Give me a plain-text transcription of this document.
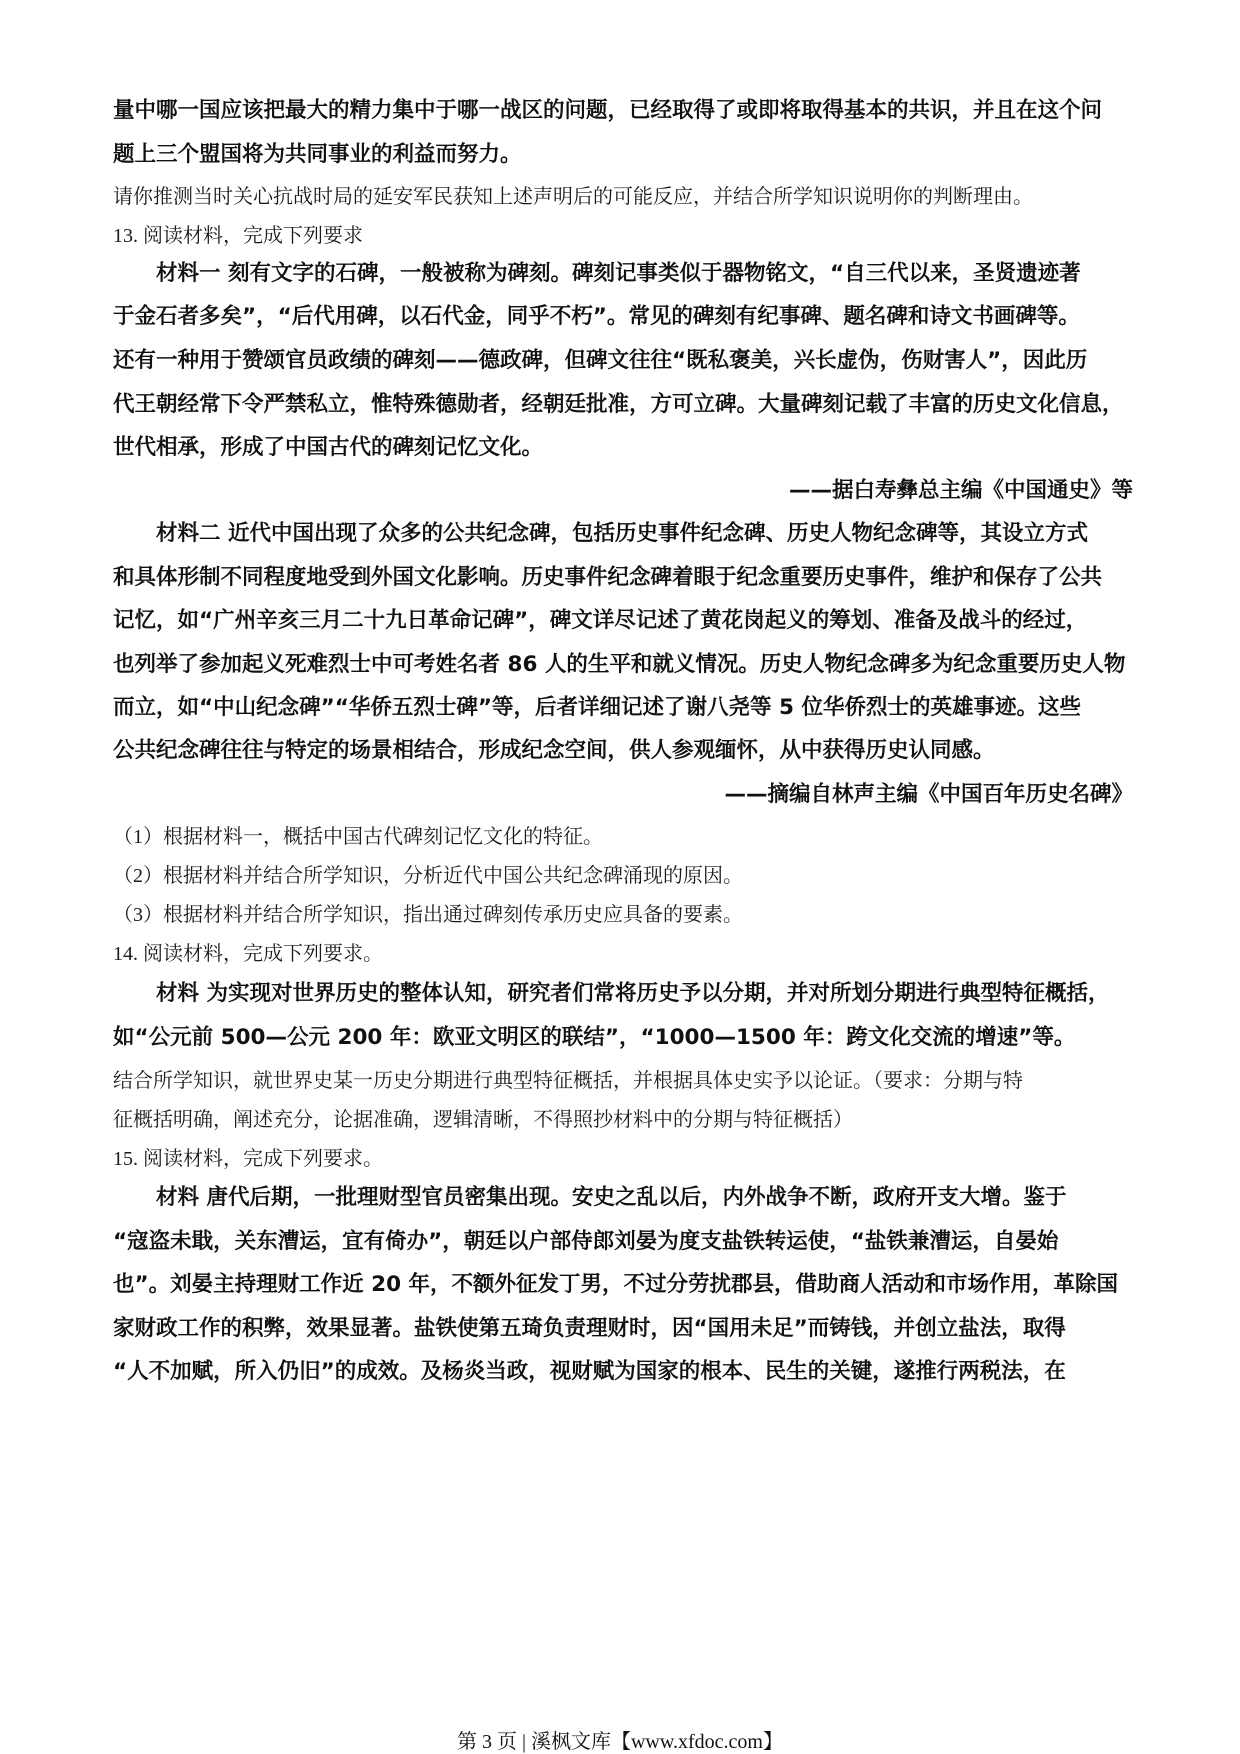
量中哪一国应该把最大的精力集中于哪一战区的问题，已经取得了或即将取得基本的共识，并且在这个问
题上三个盟国将为共同事业的利益而努力。
请你推测当时关心抗战时局的延安军民获知上述声明后的可能反应，并结合所学知识说明你的判断理由。
13. 阅读材料，完成下列要求
　　材料一 刻有文字的石碑，一般被称为碑刻。碑刻记事类似于器物铭文，“自三代以来，圣贤遗迹著
于金石者多矣”，“后代用碑，以石代金，同乎不朽”。常见的碑刻有纪事碑、题名碑和诗文书画碑等。
还有一种用于赞颂官员政绩的碑刻——德政碑，但碑文往往“既私褒美，兴长虚伪，伤财害人”，因此历
代王朝经常下令严禁私立，惟特殊德勋者，经朝廷批准，方可立碑。大量碑刻记载了丰富的历史文化信息，
世代相承，形成了中国古代的碑刻记忆文化。
——据白寿彝总主编《中国通史》等
　　材料二 近代中国出现了众多的公共纪念碑，包括历史事件纪念碑、历史人物纪念碑等，其设立方式
和具体形制不同程度地受到外国文化影响。历史事件纪念碑着眼于纪念重要历史事件，维护和保存了公共
记忆，如“广州辛亥三月二十九日革命记碑”，碑文详尽记述了黄花岗起义的筹划、准备及战斗的经过，
也列举了参加起义死难烈士中可考姓名者 86 人的生平和就义情况。历史人物纪念碑多为纪念重要历史人物
而立，如“中山纪念碑”“华侨五烈士碑”等，后者详细记述了谢八尧等 5 位华侨烈士的英雄事迹。这些
公共纪念碑往往与特定的场景相结合，形成纪念空间，供人参观缅怀，从中获得历史认同感。
——摘编自林声主编《中国百年历史名碑》
（1）根据材料一，概括中国古代碑刻记忆文化的特征。
（2）根据材料并结合所学知识，分析近代中国公共纪念碑涌现的原因。
（3）根据材料并结合所学知识，指出通过碑刻传承历史应具备的要素。
14. 阅读材料，完成下列要求。
　　材料 为实现对世界历史的整体认知，研究者们常将历史予以分期，并对所划分期进行典型特征概括，
如“公元前 500—公元 200 年：欧亚文明区的联结”，“1000—1500 年：跨文化交流的增速”等。
结合所学知识，就世界史某一历史分期进行典型特征概括，并根据具体史实予以论证。（要求：分期与特
征概括明确，阐述充分，论据准确，逻辑清晰，不得照抄材料中的分期与特征概括）
15. 阅读材料，完成下列要求。
　　材料 唐代后期，一批理财型官员密集出现。安史之乱以后，内外战争不断，政府开支大增。鉴于
“寇盗未戢，关东漕运，宜有倚办”，朝廷以户部侍郎刘晏为度支盐铁转运使，“盐铁兼漕运，自晏始
也”。刘晏主持理财工作近 20 年，不额外征发丁男，不过分劳扰郡县，借助商人活动和市场作用，革除国
家财政工作的积弊，效果显著。盐铁使第五琦负责理财时，因“国用未足”而铸钱，并创立盐法，取得
“人不加赋，所入仍旧”的成效。及杨炎当政，视财赋为国家的根本、民生的关键，遂推行两税法，在
第 3 页 | 溪枫文库【www.xfdoc.com】
